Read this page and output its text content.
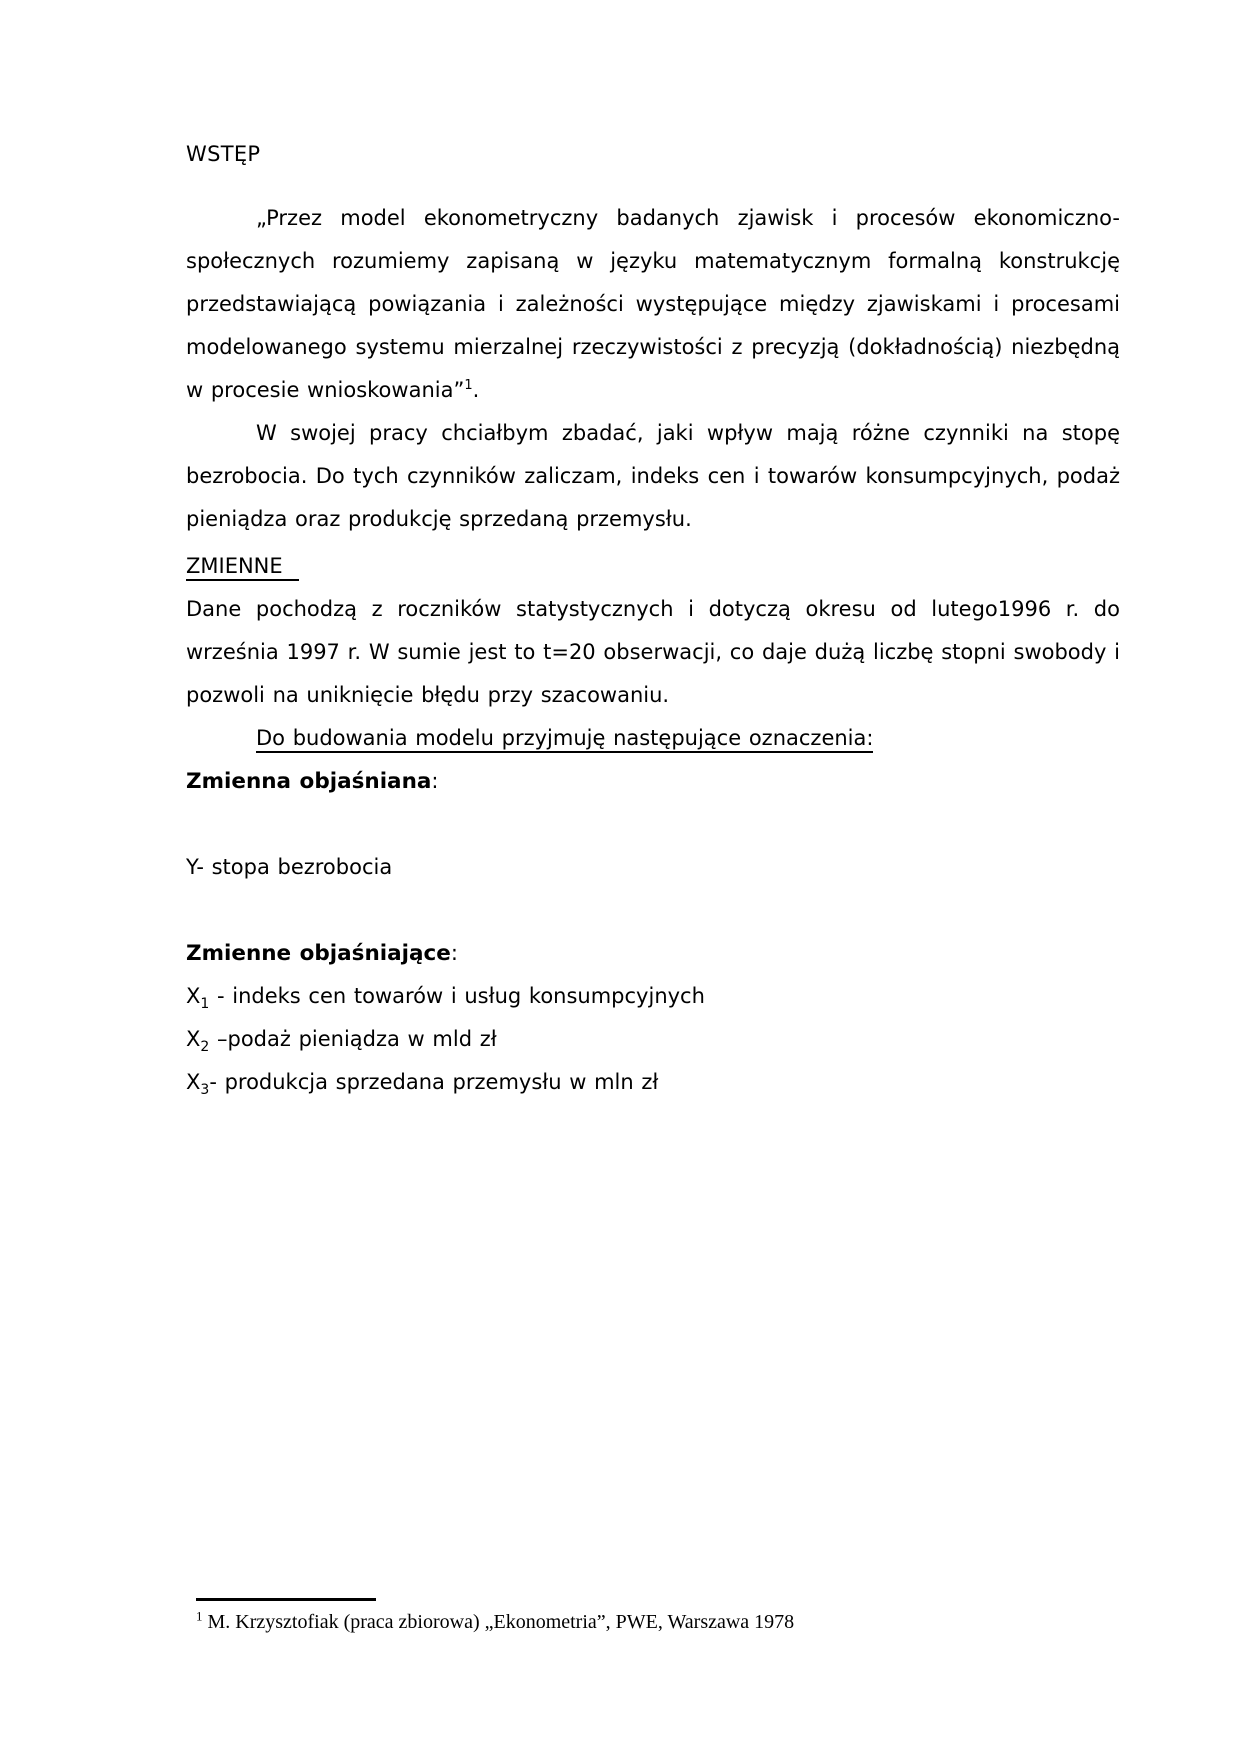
WSTĘP

„Przez model ekonometryczny badanych zjawisk i procesów ekonomiczno-społecznych rozumiemy zapisaną w języku matematycznym formalną konstrukcję przedstawiającą powiązania i zależności występujące między zjawiskami i procesami modelowanego systemu mierzalnej rzeczywistości z precyzją (dokładnością) niezbędną w procesie wnioskowania”$^1$.

W swojej pracy chciałbym zbadać, jaki wpływ mają różne czynniki na stopę bezrobocia. Do tych czynników zaliczam, indeks cen i towarów konsumpcyjnych, podaż pieniądza oraz produkcję sprzedaną przemysłu.

ZMIENNE

Dane pochodzą z roczników statystycznych i dotyczą okresu od lutego1996 r. do września 1997 r. W sumie jest to t=20 obserwacji, co daje dużą liczbę stopni swobody i pozwoli na uniknięcie błędu przy szacowaniu.

Do budowania modelu przyjmuję następujące oznaczenia:
Zmienna objaśniana:
Y- stopa bezrobocia
Zmienne objaśniające:
$X_1$ - indeks cen towarów i usług konsumpcyjnych
$X_2$ –podaż pieniądza w mld zł
$X_3-$ produkcja sprzedana przemysłu w mln zł
$^1$ M. Krzysztofiak (praca zbiorowa) „Ekonometria”, PWE, Warszawa 1978
